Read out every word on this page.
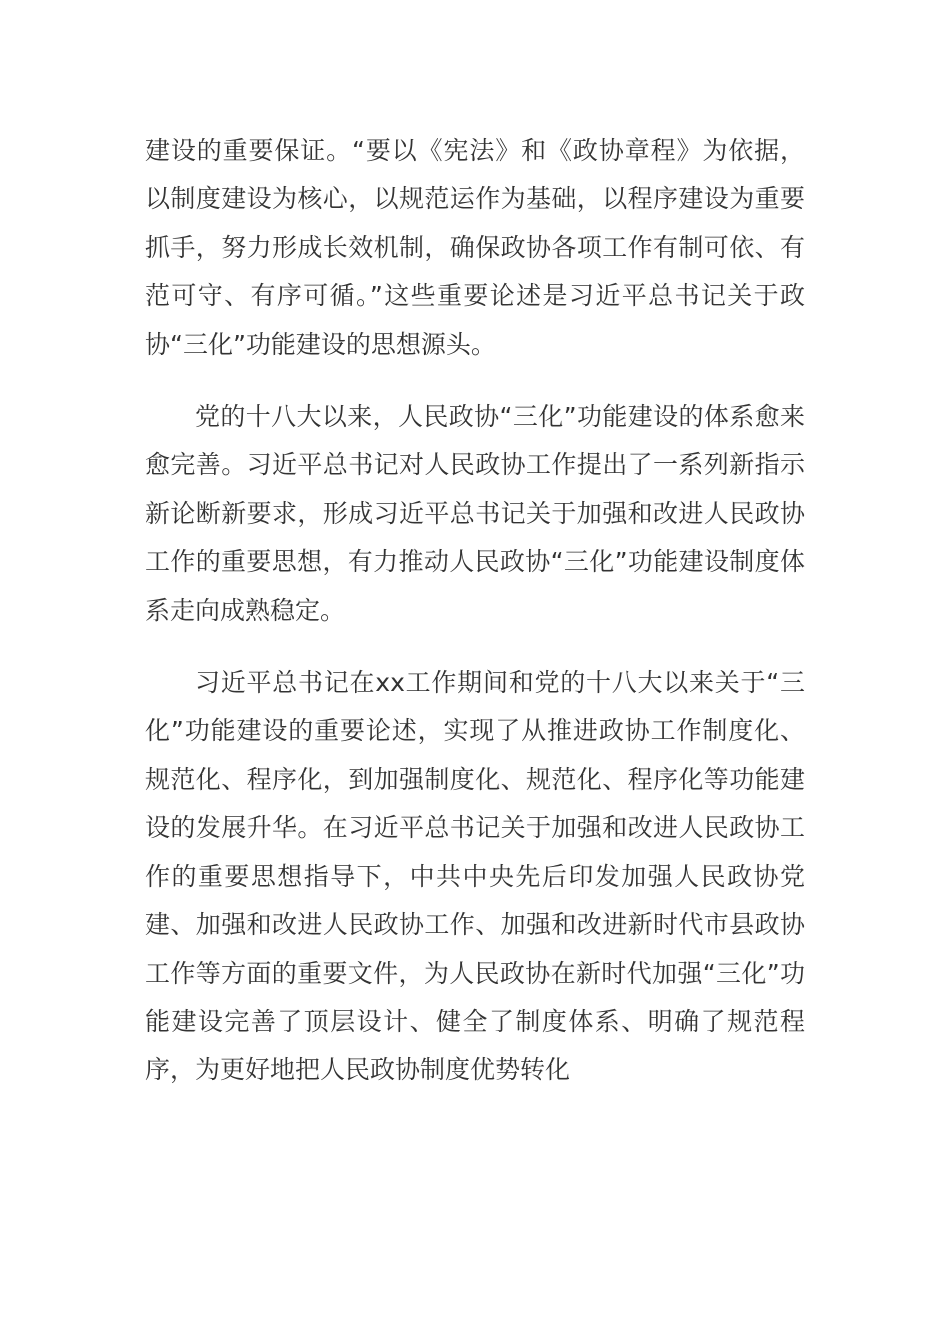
建设的重要保证。“要以《宪法》和《政协章程》为依据，以制度建设为核心，以规范运作为基础，以程序建设为重要抓手，努力形成长效机制，确保政协各项工作有制可依、有范可守、有序可循。”这些重要论述是习近平总书记关于政协“三化”功能建设的思想源头。

党的十八大以来，人民政协“三化”功能建设的体系愈来愈完善。习近平总书记对人民政协工作提出了一系列新指示新论断新要求，形成习近平总书记关于加强和改进人民政协工作的重要思想，有力推动人民政协“三化”功能建设制度体系走向成熟稳定。

习近平总书记在xx工作期间和党的十八大以来关于“三化”功能建设的重要论述，实现了从推进政协工作制度化、规范化、程序化，到加强制度化、规范化、程序化等功能建设的发展升华。在习近平总书记关于加强和改进人民政协工作的重要思想指导下，中共中央先后印发加强人民政协党建、加强和改进人民政协工作、加强和改进新时代市县政协工作等方面的重要文件，为人民政协在新时代加强“三化”功能建设完善了顶层设计、健全了制度体系、明确了规范程序，为更好地把人民政协制度优势转化
